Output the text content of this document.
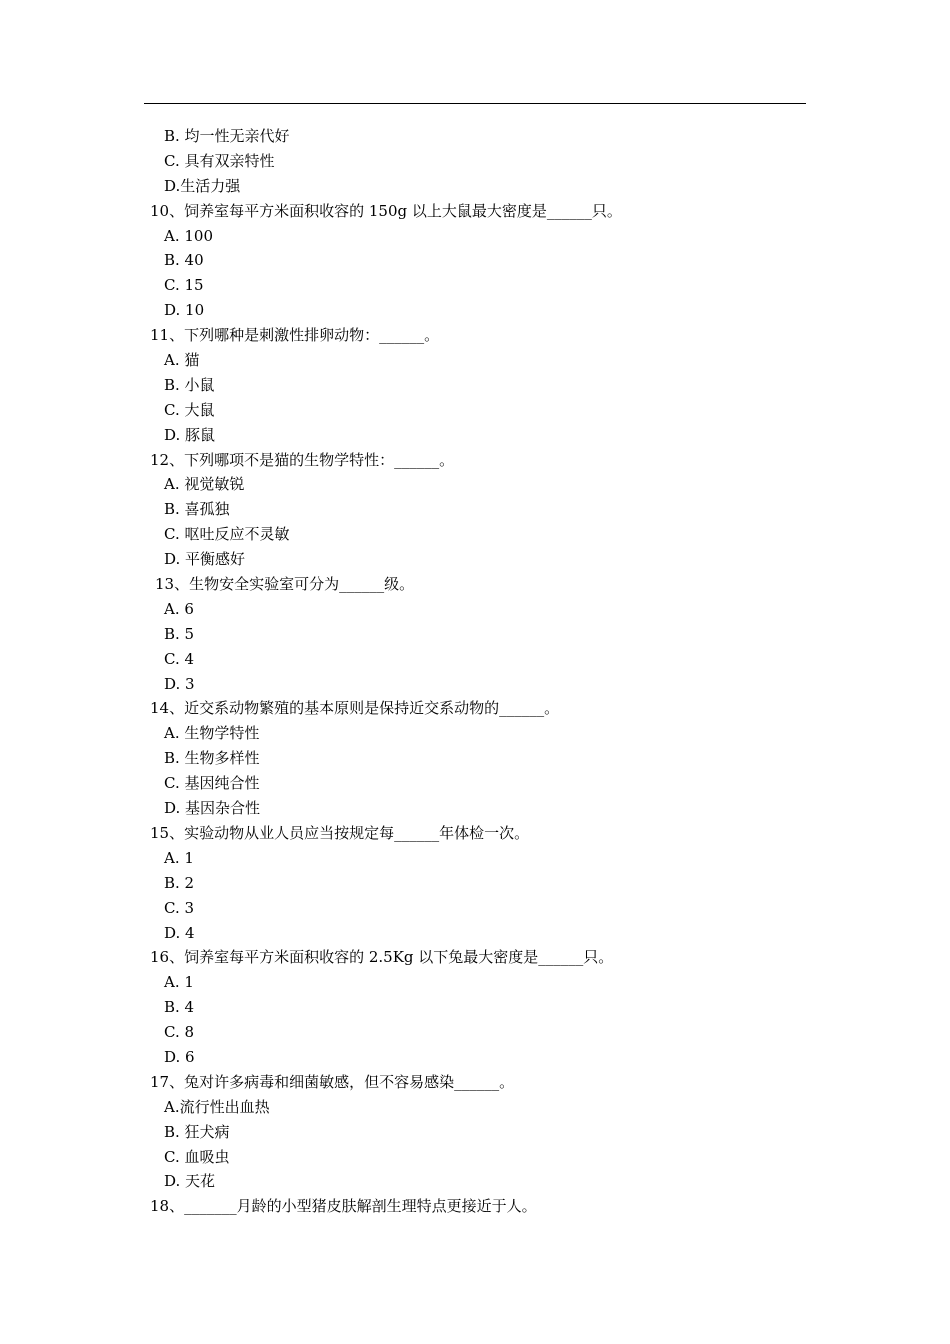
B. 均一性无亲代好
C. 具有双亲特性
D.生活力强
10、饲养室每平方米面积收容的 150g 以上大鼠最大密度是______只。
A. 100
B. 40
C. 15
D. 10
11、下列哪种是刺激性排卵动物：______。
A. 猫
B. 小鼠
C. 大鼠
D. 豚鼠
12、下列哪项不是猫的生物学特性：______。
A. 视觉敏锐
B. 喜孤独
C. 呕吐反应不灵敏
D. 平衡感好
13、生物安全实验室可分为______级。
A. 6
B. 5
C. 4
D. 3
14、近交系动物繁殖的基本原则是保持近交系动物的______。
A. 生物学特性
B. 生物多样性
C. 基因纯合性
D. 基因杂合性
15、实验动物从业人员应当按规定每______年体检一次。
A. 1
B. 2
C. 3
D. 4
16、饲养室每平方米面积收容的 2.5Kg 以下兔最大密度是______只。
A. 1
B. 4
C. 8
D. 6
17、兔对许多病毒和细菌敏感，但不容易感染______。
A.流行性出血热
B. 狂犬病
C. 血吸虫
D. 天花
18、_______月龄的小型猪皮肤解剖生理特点更接近于人。
